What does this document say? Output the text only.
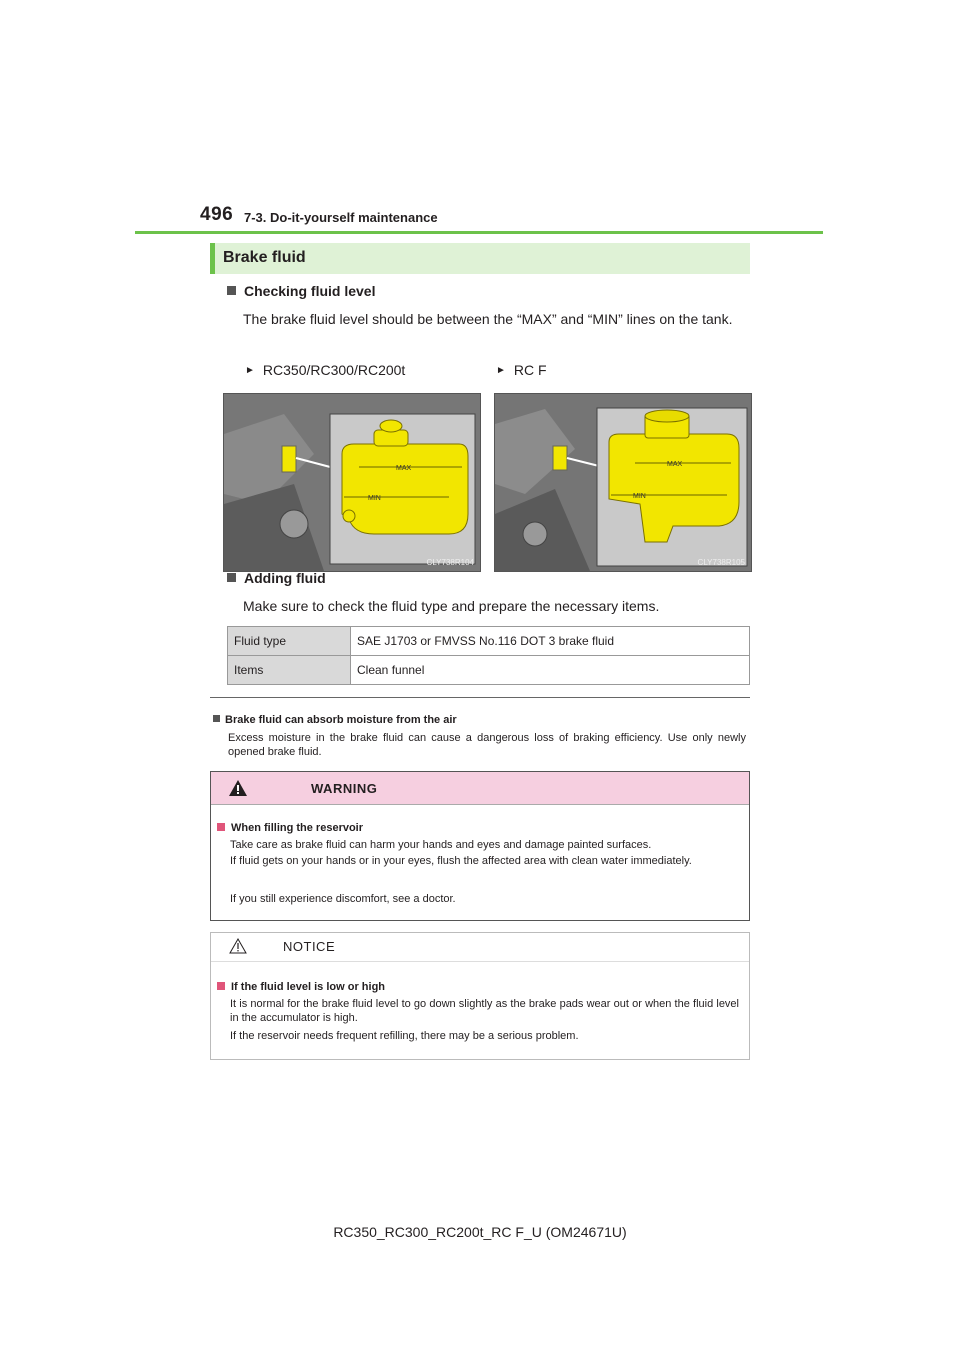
496 7-3. Do-it-yourself maintenance
Brake fluid
Checking fluid level
The brake fluid level should be between the “MAX” and “MIN” lines on the tank.
► RC350/RC300/RC200t	► RC F
MAX
MIN
CLY738R104
MAX
MIN
CLY738R105
Adding fluid
Make sure to check the fluid type and prepare the necessary items.
Fluid type	SAE J1703 or FMVSS No.116 DOT 3 brake fluid
Items	Clean funnel
Brake fluid can absorb moisture from the air
Excess moisture in the brake fluid can cause a dangerous loss of braking efficiency. Use only newly opened brake fluid.
WARNING
When filling the reservoir
Take care as brake fluid can harm your hands and eyes and damage painted surfaces.
If fluid gets on your hands or in your eyes, flush the affected area with clean water immediately.
If you still experience discomfort, see a doctor.
NOTICE
If the fluid level is low or high
It is normal for the brake fluid level to go down slightly as the brake pads wear out or when the fluid level in the accumulator is high.
If the reservoir needs frequent refilling, there may be a serious problem.
RC350_RC300_RC200t_RC F_U (OM24671U)
